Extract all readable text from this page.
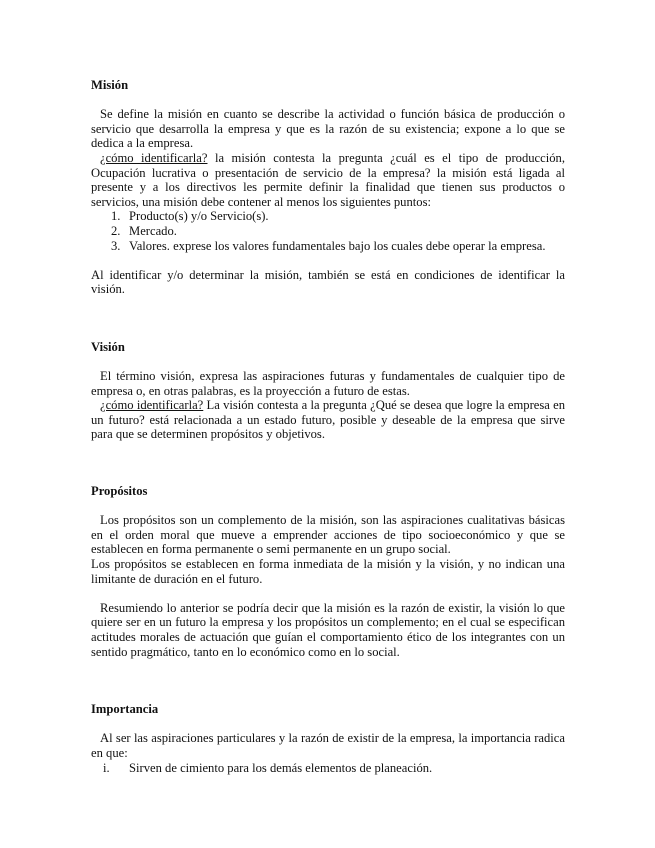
Misión

Se define la misión en cuanto se describe la actividad o función básica de producción o servicio que desarrolla la empresa y que es la razón de su existencia; expone a lo que se dedica a la empresa.

¿cómo identificarla? la misión contesta la pregunta ¿cuál es el tipo de producción, Ocupación lucrativa o presentación de servicio de la empresa? la misión está ligada al presente y a los directivos les permite definir la finalidad que tienen sus productos o servicios, una misión debe contener al menos los siguientes puntos:

1. Producto(s) y/o Servicio(s).
2. Mercado.
3. Valores. exprese los valores fundamentales bajo los cuales debe operar la empresa.

Al identificar y/o determinar la misión, también se está en condiciones de identificar la visión.

Visión

El término visión, expresa las aspiraciones futuras y fundamentales de cualquier tipo de empresa o, en otras palabras, es la proyección a futuro de estas.

¿cómo identificarla? La visión contesta a la pregunta ¿Qué se desea que logre la empresa en un futuro? está relacionada a un estado futuro, posible y deseable de la empresa que sirve para que se determinen propósitos y objetivos.

Propósitos

Los propósitos son un complemento de la misión, son las aspiraciones cualitativas básicas en el orden moral que mueve a emprender acciones de tipo socioeconómico y que se establecen en forma permanente o semi permanente en un grupo social.

Los propósitos se establecen en forma inmediata de la misión y la visión, y no indican una limitante de duración en el futuro.

Resumiendo lo anterior se podría decir que la misión es la razón de existir, la visión lo que quiere ser en un futuro la empresa y los propósitos un complemento; en el cual se especifican actitudes morales de actuación que guían el comportamiento ético de los integrantes con un sentido pragmático, tanto en lo económico como en lo social.

Importancia

Al ser las aspiraciones particulares y la razón de existir de la empresa, la importancia radica en que:

i. Sirven de cimiento para los demás elementos de planeación.
